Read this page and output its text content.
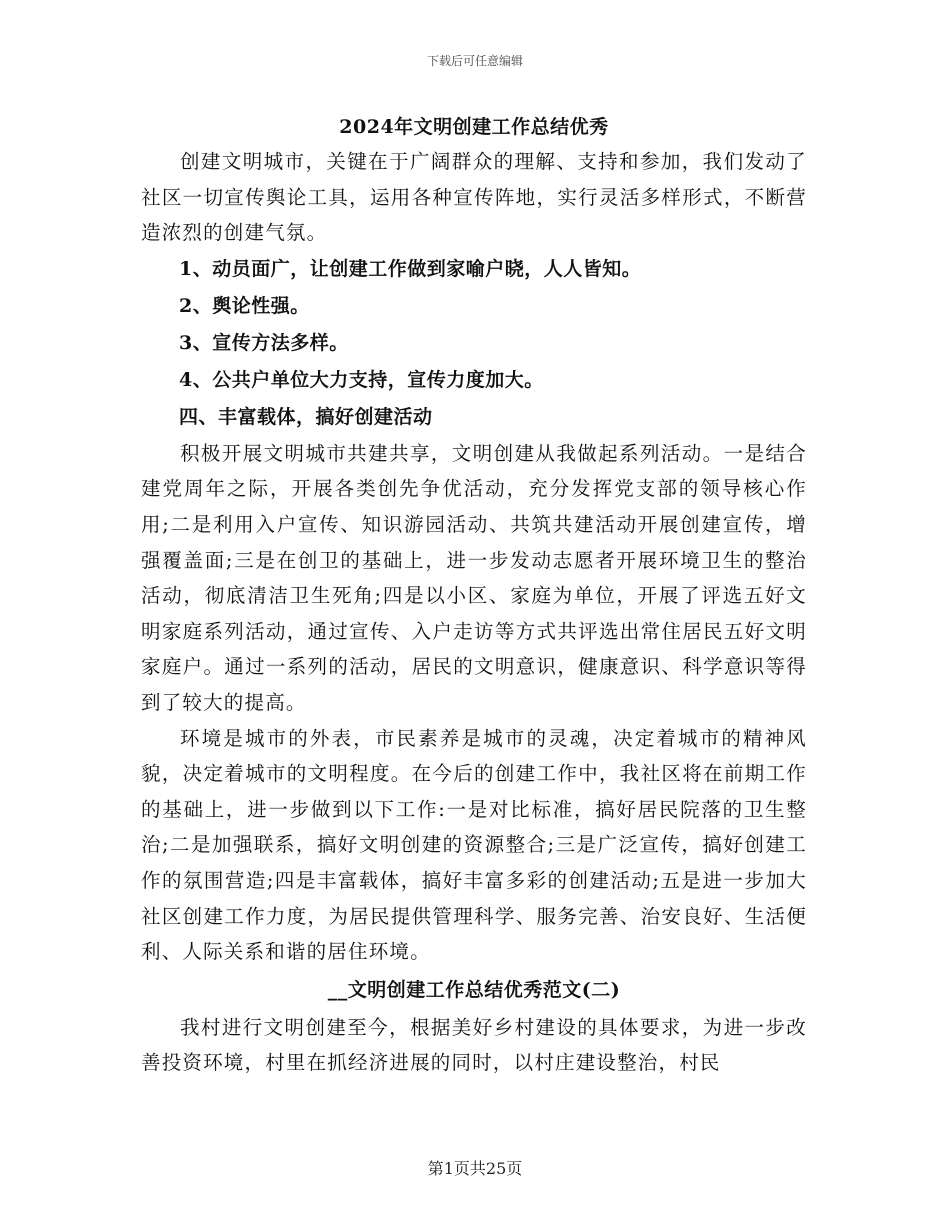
下载后可任意编辑
2024年文明创建工作总结优秀

创建文明城市，关键在于广阔群众的理解、支持和参加，我们发动了社区一切宣传舆论工具，运用各种宣传阵地，实行灵活多样形式，不断营造浓烈的创建气氛。

1、动员面广，让创建工作做到家喻户晓，人人皆知。

2、舆论性强。

3、宣传方法多样。

4、公共户单位大力支持，宣传力度加大。

四、丰富载体，搞好创建活动

积极开展文明城市共建共享，文明创建从我做起系列活动。一是结合建党周年之际，开展各类创先争优活动，充分发挥党支部的领导核心作用;二是利用入户宣传、知识游园活动、共筑共建活动开展创建宣传，增强覆盖面;三是在创卫的基础上，进一步发动志愿者开展环境卫生的整治活动，彻底清洁卫生死角;四是以小区、家庭为单位，开展了评选五好文明家庭系列活动，通过宣传、入户走访等方式共评选出常住居民五好文明家庭户。通过一系列的活动，居民的文明意识，健康意识、科学意识等得到了较大的提高。

环境是城市的外表，市民素养是城市的灵魂，决定着城市的精神风貌，决定着城市的文明程度。在今后的创建工作中，我社区将在前期工作的基础上，进一步做到以下工作:一是对比标准，搞好居民院落的卫生整治;二是加强联系，搞好文明创建的资源整合;三是广泛宣传，搞好创建工作的氛围营造;四是丰富载体，搞好丰富多彩的创建活动;五是进一步加大社区创建工作力度，为居民提供管理科学、服务完善、治安良好、生活便利、人际关系和谐的居住环境。

__文明创建工作总结优秀范文(二)

我村进行文明创建至今，根据美好乡村建设的具体要求，为进一步改善投资环境，村里在抓经济进展的同时，以村庄建设整治，村民

第1页共25页
